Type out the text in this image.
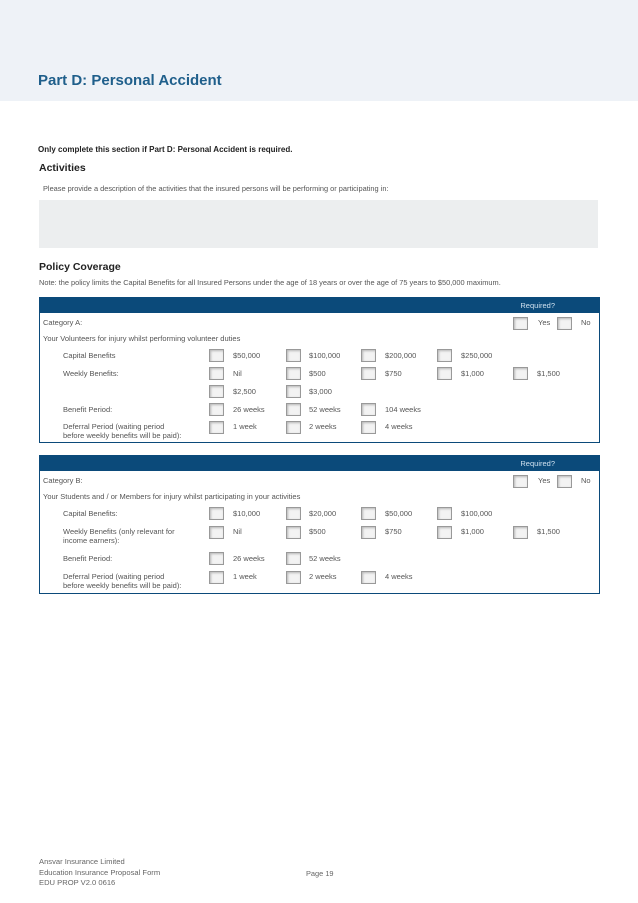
Part D: Personal Accident
Only complete this section if Part D: Personal Accident is required.
Activities
Please provide a description of the activities that the insured persons will be performing or participating in:
Policy Coverage
Note: the policy limits the Capital Benefits for all Insured Persons under the age of 18 years or over the age of 75 years to $50,000 maximum.
Required?
Category A:	Yes	No
Your Volunteers for injury whilst performing volunteer duties
Capital Benefits	$50,000	$100,000	$200,000	$250,000
Weekly Benefits:	Nil	$500	$750	$1,000	$1,500
$2,500	$3,000
Benefit Period:	26 weeks	52 weeks	104 weeks
Deferral Period (waiting period
before weekly benefits will be paid):
1 week	2 weeks	4 weeks
Required?
Category B:	Yes	No
Your Students and / or Members for injury whilst participating in your activities
Capital Benefits:	$10,000	$20,000	$50,000	$100,000
Weekly Benefits (only relevant for
income earners):
Nil	$500	$750	$1,000	$1,500
Benefit Period:	26 weeks	52 weeks
Deferral Period (waiting period
before weekly benefits will be paid):
1 week	2 weeks	4 weeks
Ansvar Insurance Limited
Education Insurance Proposal Form
EDU PROP V2.0 0616
Page 19
